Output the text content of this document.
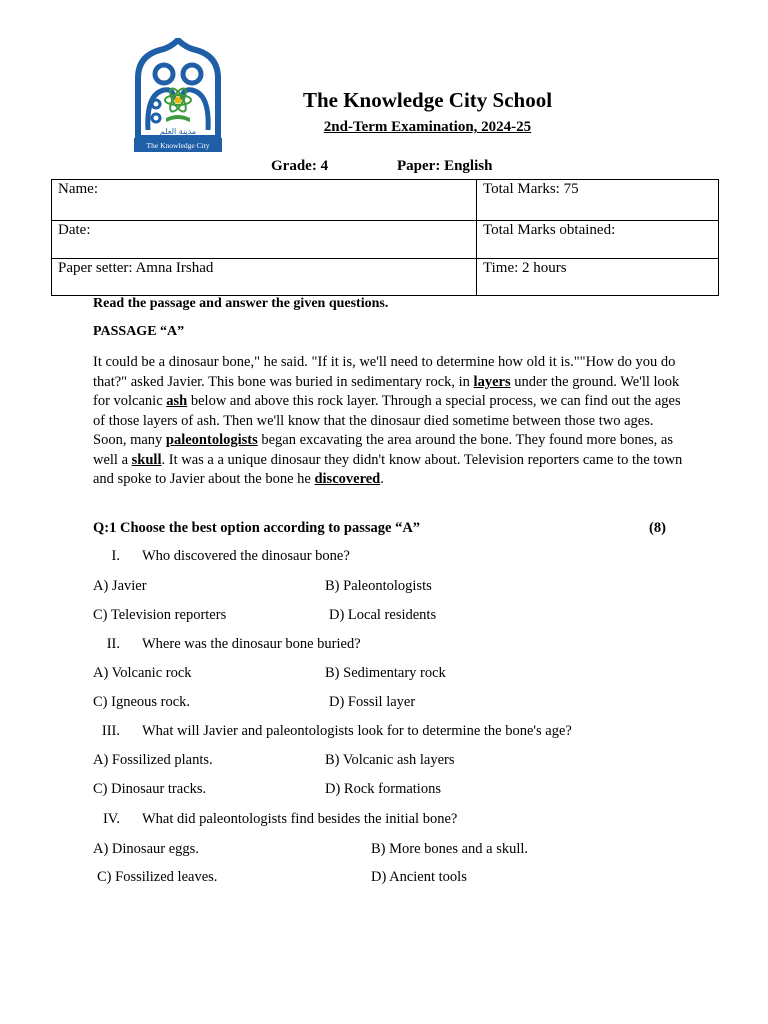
مدينة العلم
The Knowledge City
The Knowledge City School
2nd-Term Examination, 2024-25
Grade: 4	Paper: English
Name:	Total Marks: 75
Date:	Total Marks obtained:
Paper setter: Amna Irshad	Time: 2 hours
Read the passage and answer the given questions.
PASSAGE “A”
It could be a dinosaur bone," he said. "If it is, we'll need to determine how old it is.""How do you do that?" asked Javier. This bone was buried in sedimentary rock, in layers under the ground. We'll look for volcanic ash below and above this rock layer. Through a special process, we can find out the ages of those layers of ash. Then we'll know that the dinosaur died sometime between those two ages. Soon, many paleontologists began excavating the area around the bone. They found more bones, as well a skull. It was a a unique dinosaur they didn't know about. Television reporters came to the town and spoke to Javier about the bone he discovered.
Q:1 Choose the best option according to passage “A”	(8)
I. Who discovered the dinosaur bone?
A) Javier	B) Paleontologists
C) Television reporters	D) Local residents
II. Where was the dinosaur bone buried?
A) Volcanic rock	B) Sedimentary rock
C) Igneous rock.	D) Fossil layer
III. What will Javier and paleontologists look for to determine the bone's age?
A) Fossilized plants.	B) Volcanic ash layers
C) Dinosaur tracks.	D) Rock formations
IV. What did paleontologists find besides the initial bone?
A) Dinosaur eggs.	B) More bones and a skull.
C) Fossilized leaves.	D) Ancient tools
